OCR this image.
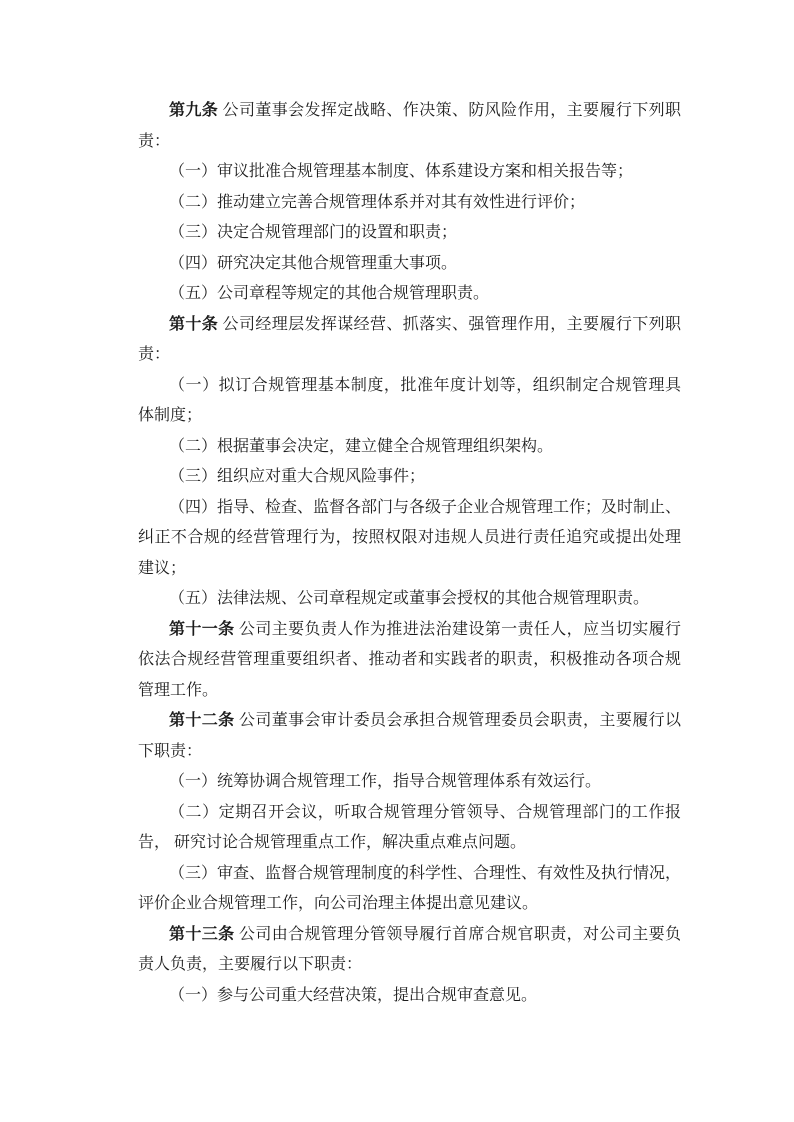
第九条 公司董事会发挥定战略、作决策、防风险作用，主要履行下列职
责：
（一）审议批准合规管理基本制度、体系建设方案和相关报告等；
（二）推动建立完善合规管理体系并对其有效性进行评价；
（三）决定合规管理部门的设置和职责；
（四）研究决定其他合规管理重大事项。
（五）公司章程等规定的其他合规管理职责。
第十条 公司经理层发挥谋经营、抓落实、强管理作用，主要履行下列职
责：
（一）拟订合规管理基本制度，批准年度计划等，组织制定合规管理具
体制度；
（二）根据董事会决定，建立健全合规管理组织架构。
（三）组织应对重大合规风险事件；
（四）指导、检查、监督各部门与各级子企业合规管理工作；及时制止、
纠正不合规的经营管理行为，按照权限对违规人员进行责任追究或提出处理
建议；
（五）法律法规、公司章程规定或董事会授权的其他合规管理职责。
第十一条 公司主要负责人作为推进法治建设第一责任人，应当切实履行
依法合规经营管理重要组织者、推动者和实践者的职责，积极推动各项合规
管理工作。
第十二条 公司董事会审计委员会承担合规管理委员会职责，主要履行以
下职责：
（一）统筹协调合规管理工作，指导合规管理体系有效运行。
（二）定期召开会议，听取合规管理分管领导、合规管理部门的工作报
告， 研究讨论合规管理重点工作，解决重点难点问题。
（三）审查、监督合规管理制度的科学性、合理性、有效性及执行情况，
评价企业合规管理工作，向公司治理主体提出意见建议。
第十三条 公司由合规管理分管领导履行首席合规官职责，对公司主要负
责人负责，主要履行以下职责：
（一）参与公司重大经营决策，提出合规审查意见。
